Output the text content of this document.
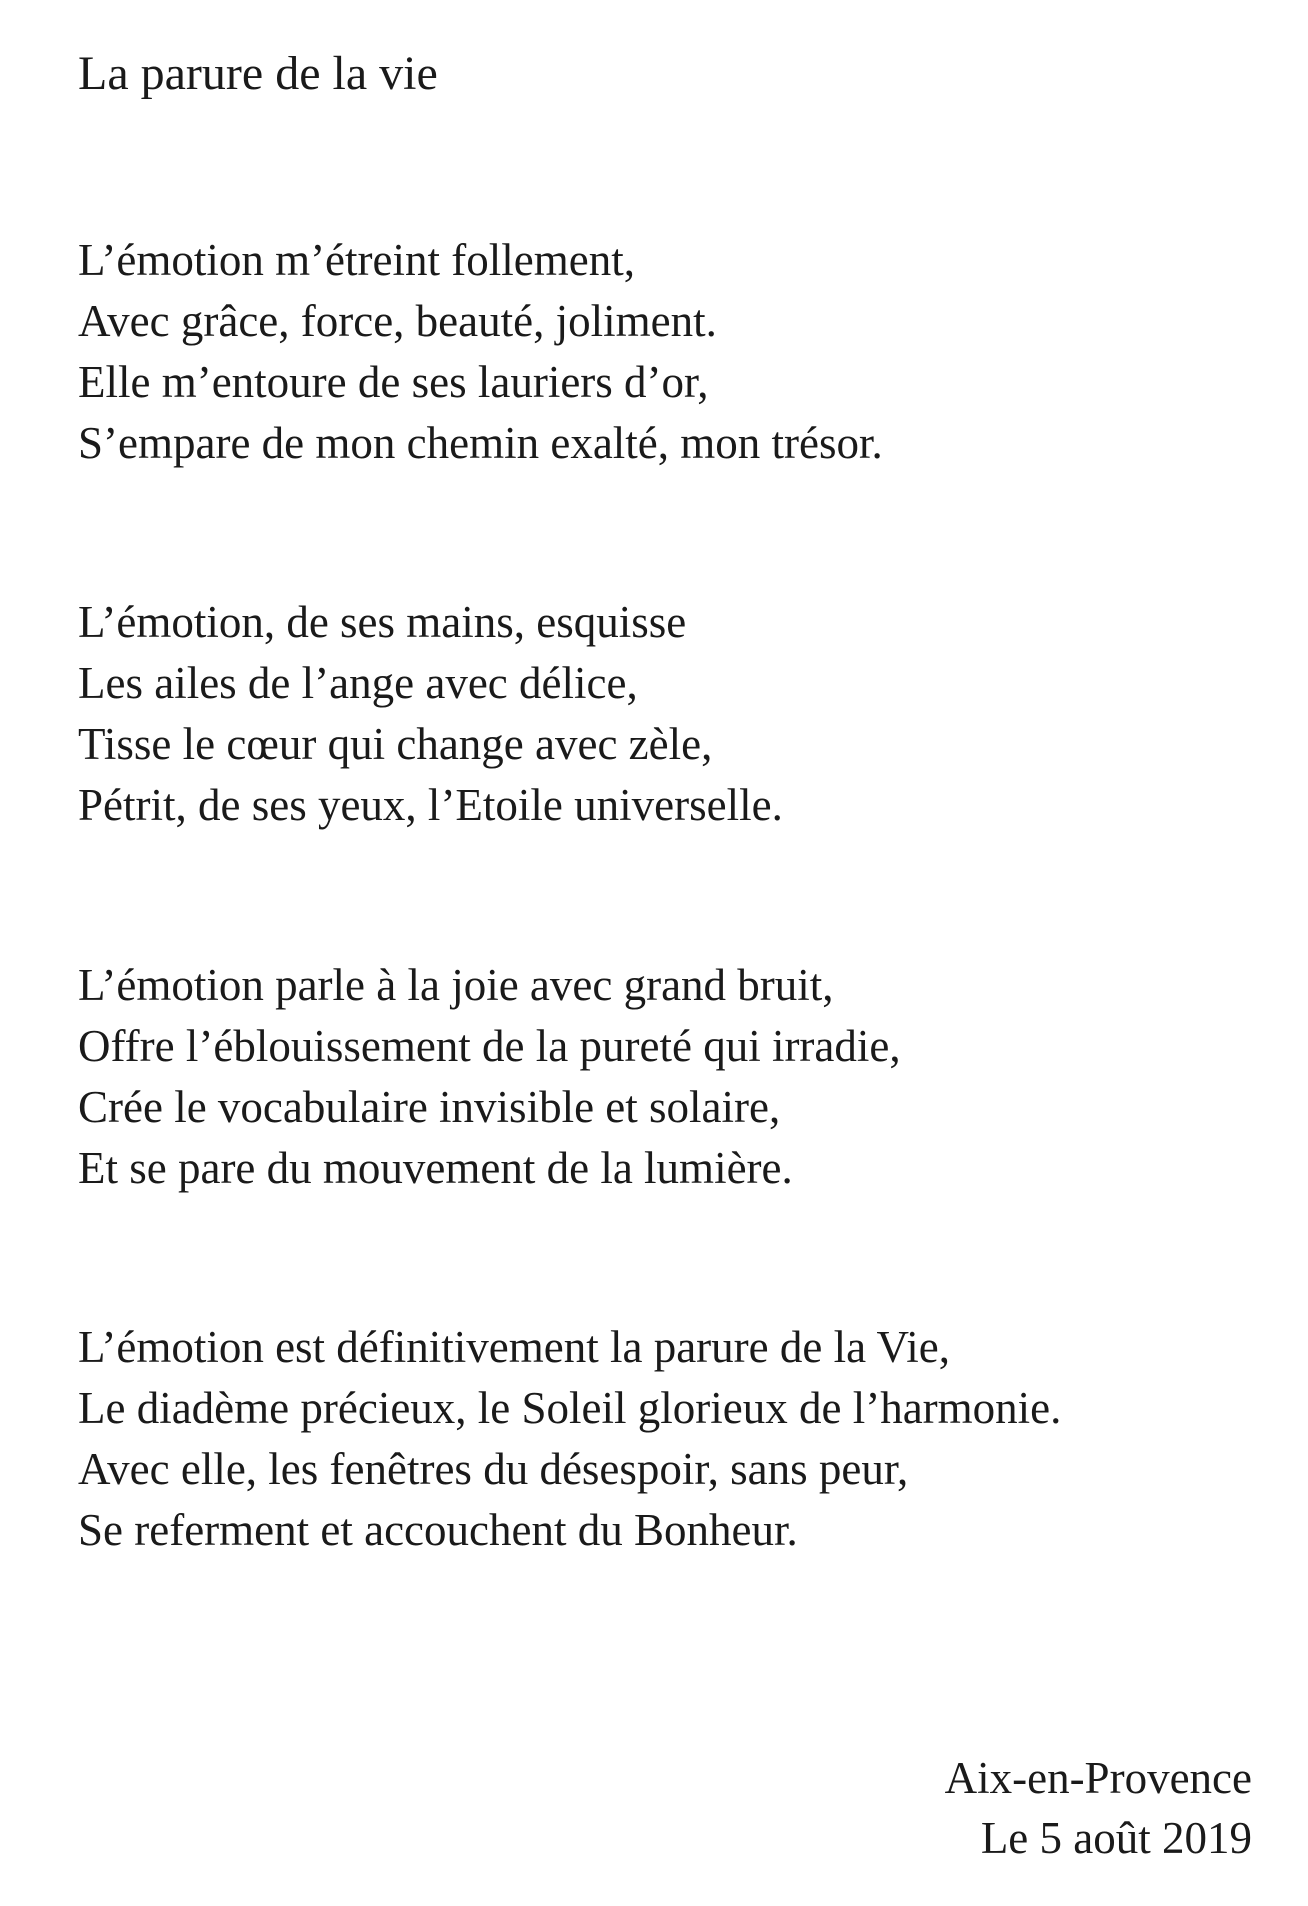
La parure de la vie
L’émotion m’étreint follement,
Avec grâce, force, beauté, joliment.
Elle m’entoure de ses lauriers d’or,
S’empare de mon chemin exalté, mon trésor.
L’émotion, de ses mains, esquisse
Les ailes de l’ange avec délice,
Tisse le cœur qui change avec zèle,
Pétrit, de ses yeux, l’Etoile universelle.
L’émotion parle à la joie avec grand bruit,
Offre l’éblouissement de la pureté qui irradie,
Crée le vocabulaire invisible et solaire,
Et se pare du mouvement de la lumière.
L’émotion est définitivement la parure de la Vie,
Le diadème précieux, le Soleil glorieux de l’harmonie.
Avec elle, les fenêtres du désespoir, sans peur,
Se referment et accouchent du Bonheur.
Aix-en-Provence
Le 5 août 2019
